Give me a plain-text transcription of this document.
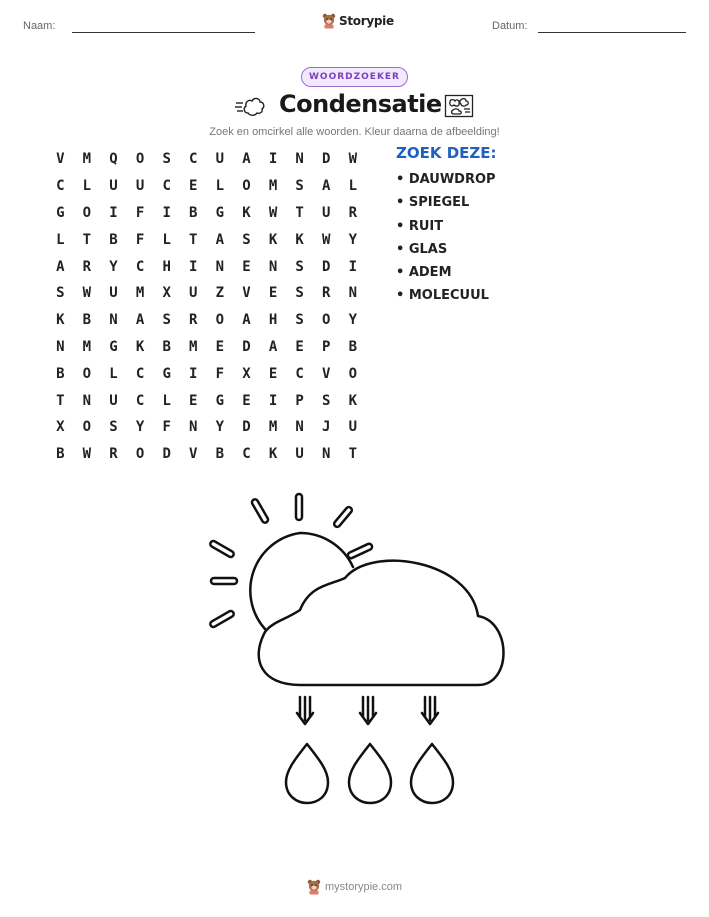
Naam:	Storypie	Datum:
WOORDZOEKER
Condensatie
Zoek en omcirkel alle woorden. Kleur daarna de afbeelding!
V	M	Q	O	S	C	U	A	I	N	D	W
C	L	U	U	C	E	L	O	M	S	A	L
G	O	I	F	I	B	G	K	W	T	U	R
L	T	B	F	L	T	A	S	K	K	W	Y
A	R	Y	C	H	I	N	E	N	S	D	I
S	W	U	M	X	U	Z	V	E	S	R	N
K	B	N	A	S	R	O	A	H	S	O	Y
N	M	G	K	B	M	E	D	A	E	P	B
B	O	L	C	G	I	F	X	E	C	V	O
T	N	U	C	L	E	G	E	I	P	S	K
X	O	S	Y	F	N	Y	D	M	N	J	U
B	W	R	O	D	V	B	C	K	U	N	T
ZOEK DEZE:
• DAUWDROP
• SPIEGEL
• RUIT
• GLAS
• ADEM
• MOLECUUL
mystorypie.com
